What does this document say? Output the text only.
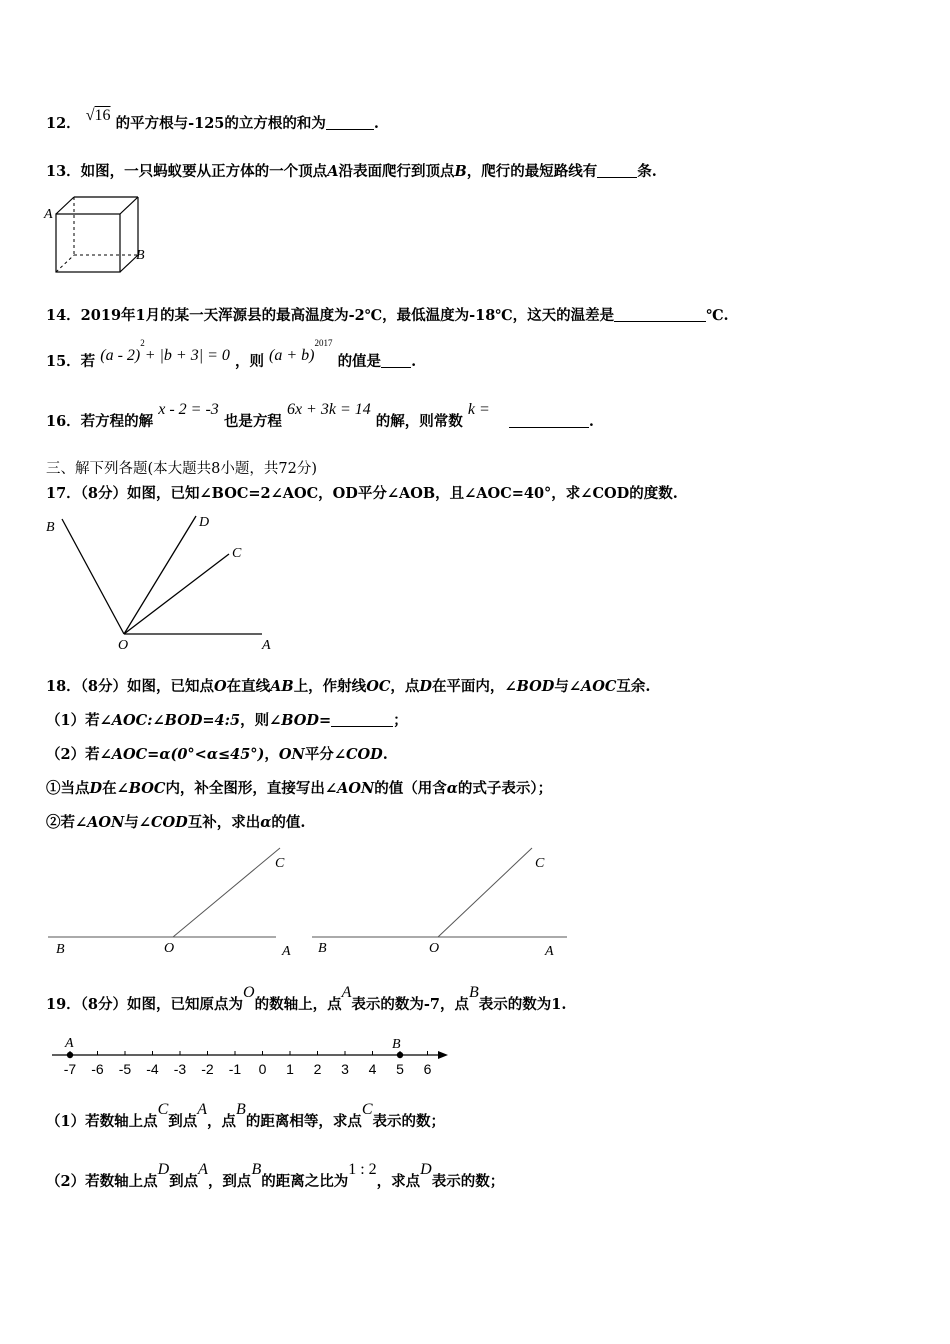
12． √16 的平方根与-125的立方根的和为	.
13．如图，一只蚂蚁要从正方体的一个顶点A沿表面爬行到顶点B，爬行的最短路线有	条.
A
B
14．2019年1月的某一天浑源县的最高温度为-2℃，最低温度为-18℃，这天的温差是	℃.
15．若 (a - 2)$^2$+ |b + 3| = 0 ，则 $(a + b)^{2017}$ 的值是 .
16．若方程的解 x - 2 = -3 也是方程 6x + 3k = 14 的解，则常数 k = .
三、解下列各题(本大题共8小题，共72分)
17．（8分）如图，已知∠BOC=2∠AOC，OD平分∠AOB，且∠AOC=40°，求∠COD的度数.
B	D
C
O	A
18．（8分）如图，已知点O在直线AB上，作射线OC，点D在平面内，∠BOD与∠AOC互余.
（1）若∠AOC:∠BOD=4:5，则∠BOD=	；
（2）若∠AOC=α(0°<α≤45°)，ON平分∠COD.
①当点D在∠BOC内，补全图形，直接写出∠AON的值（用含α的式子表示）；
②若∠AON与∠COD互补，求出α的值.
B	O	A
C
B	O	A
C
19．（8分）如图，已知原点为O的数轴上，点A表示的数为-7，点B表示的数为1.
-7 -6 -5 -4 -3 -2 -1 0 1 2 3 4 5 6
A	B
（1）若数轴上点C到点A，点B的距离相等，求点C表示的数；
（2）若数轴上点D到点A，到点B的距离之比为1 : 2，求点D表示的数；
